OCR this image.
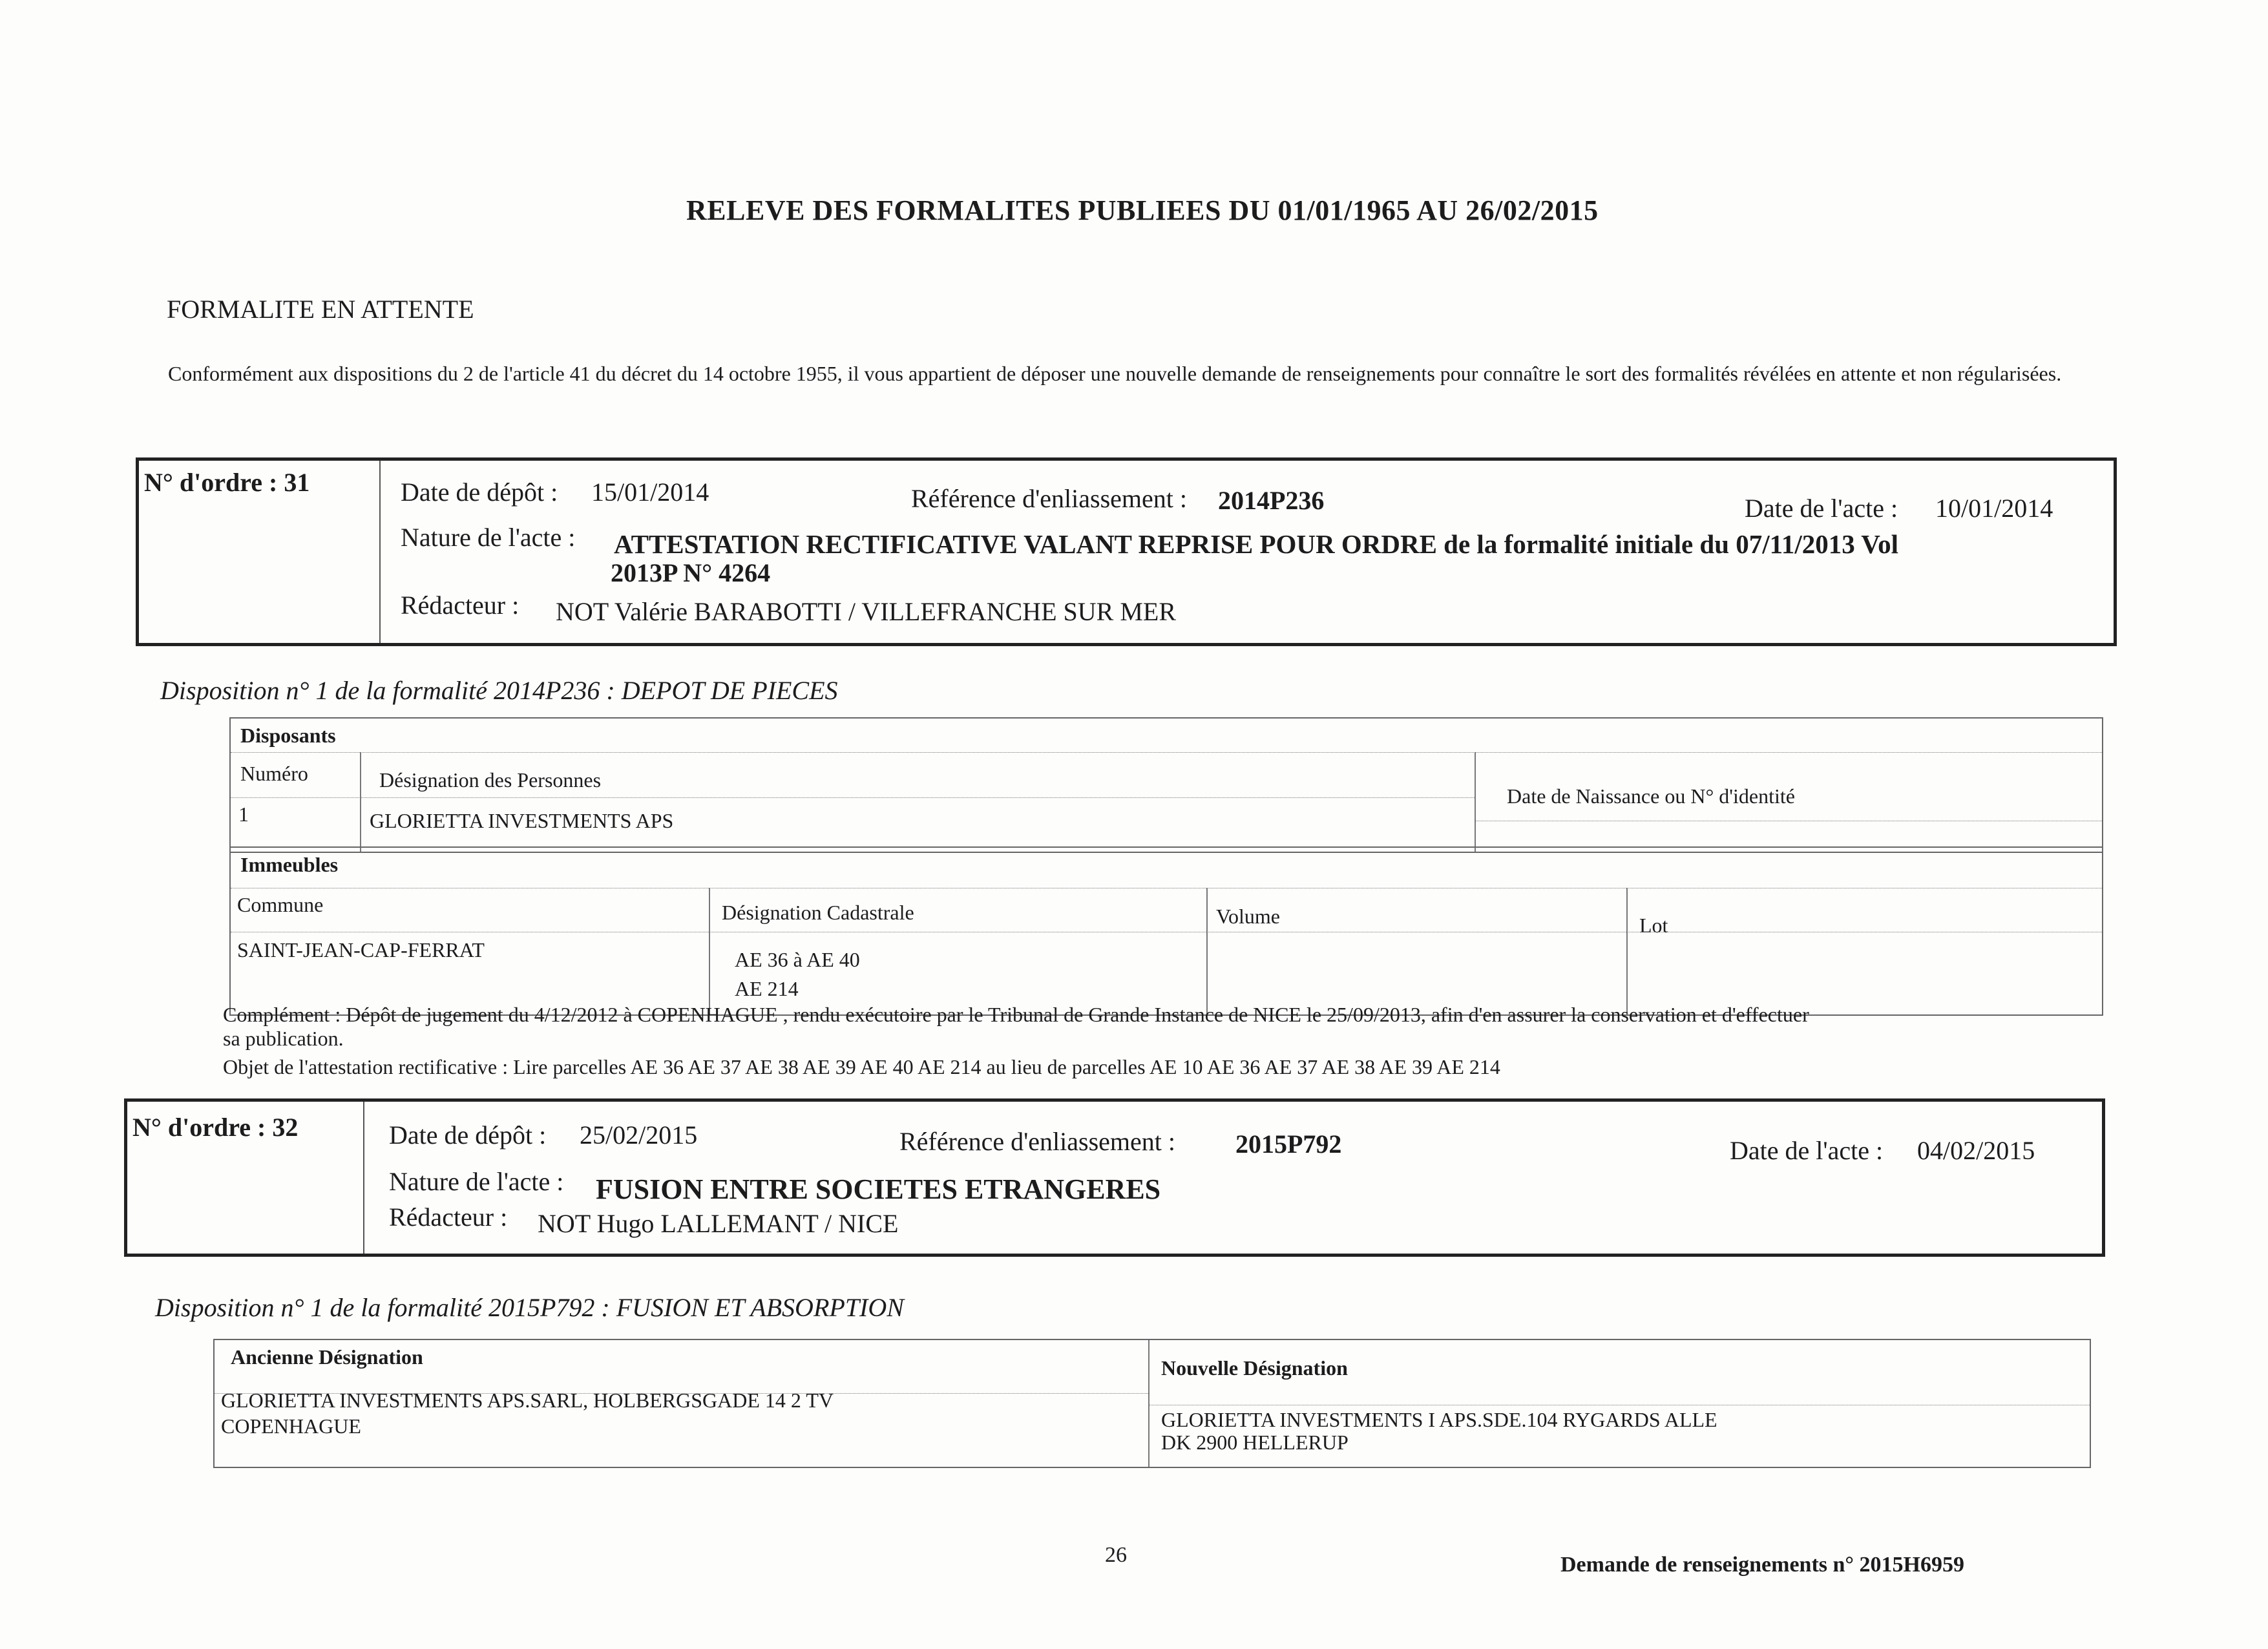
RELEVE DES FORMALITES PUBLIEES DU 01/01/1965 AU 26/02/2015
FORMALITE EN ATTENTE
Conformément aux dispositions du 2 de l'article 41 du décret du 14 octobre 1955, il vous appartient de déposer une nouvelle demande de renseignements pour connaître le sort des formalités révélées en attente et non régularisées.
N° d'ordre : 31	Date de dépôt : 15/01/2014	Référence d'enliassement : 2014P236	Date de l'acte : 10/01/2014
Nature de l'acte : ATTESTATION RECTIFICATIVE VALANT REPRISE POUR ORDRE de la formalité initiale du 07/11/2013 Vol
2013P N° 4264
Rédacteur : NOT Valérie BARABOTTI / VILLEFRANCHE SUR MER
Disposition n° 1 de la formalité 2014P236 : DEPOT DE PIECES
Disposants
Numéro	Désignation des Personnes
Date de Naissance ou N° d'identité
1	GLORIETTA INVESTMENTS APS
Immeubles
Commune	Désignation Cadastrale	Volume	Lot
SAINT-JEAN-CAP-FERRAT	AE 36 à AE 40
AE 214
Complément : Dépôt de jugement du 4/12/2012 à COPENHAGUE , rendu exécutoire par le Tribunal de Grande Instance de NICE le 25/09/2013, afin d'en assurer la conservation et d'effectuer
sa publication.
Objet de l'attestation rectificative : Lire parcelles AE 36 AE 37 AE 38 AE 39 AE 40 AE 214 au lieu de parcelles AE 10 AE 36 AE 37 AE 38 AE 39 AE 214
N° d'ordre : 32	Date de dépôt : 25/02/2015	Référence d'enliassement : 2015P792	Date de l'acte : 04/02/2015
Nature de l'acte : FUSION ENTRE SOCIETES ETRANGERES
Rédacteur : NOT Hugo LALLEMANT / NICE
Disposition n° 1 de la formalité 2015P792 : FUSION ET ABSORPTION
Ancienne Désignation	Nouvelle Désignation
GLORIETTA INVESTMENTS APS.SARL, HOLBERGSGADE 14 2 TV
COPENHAGUE	GLORIETTA INVESTMENTS I APS.SDE.104 RYGARDS ALLE
DK 2900 HELLERUP
26	Demande de renseignements n° 2015H6959
